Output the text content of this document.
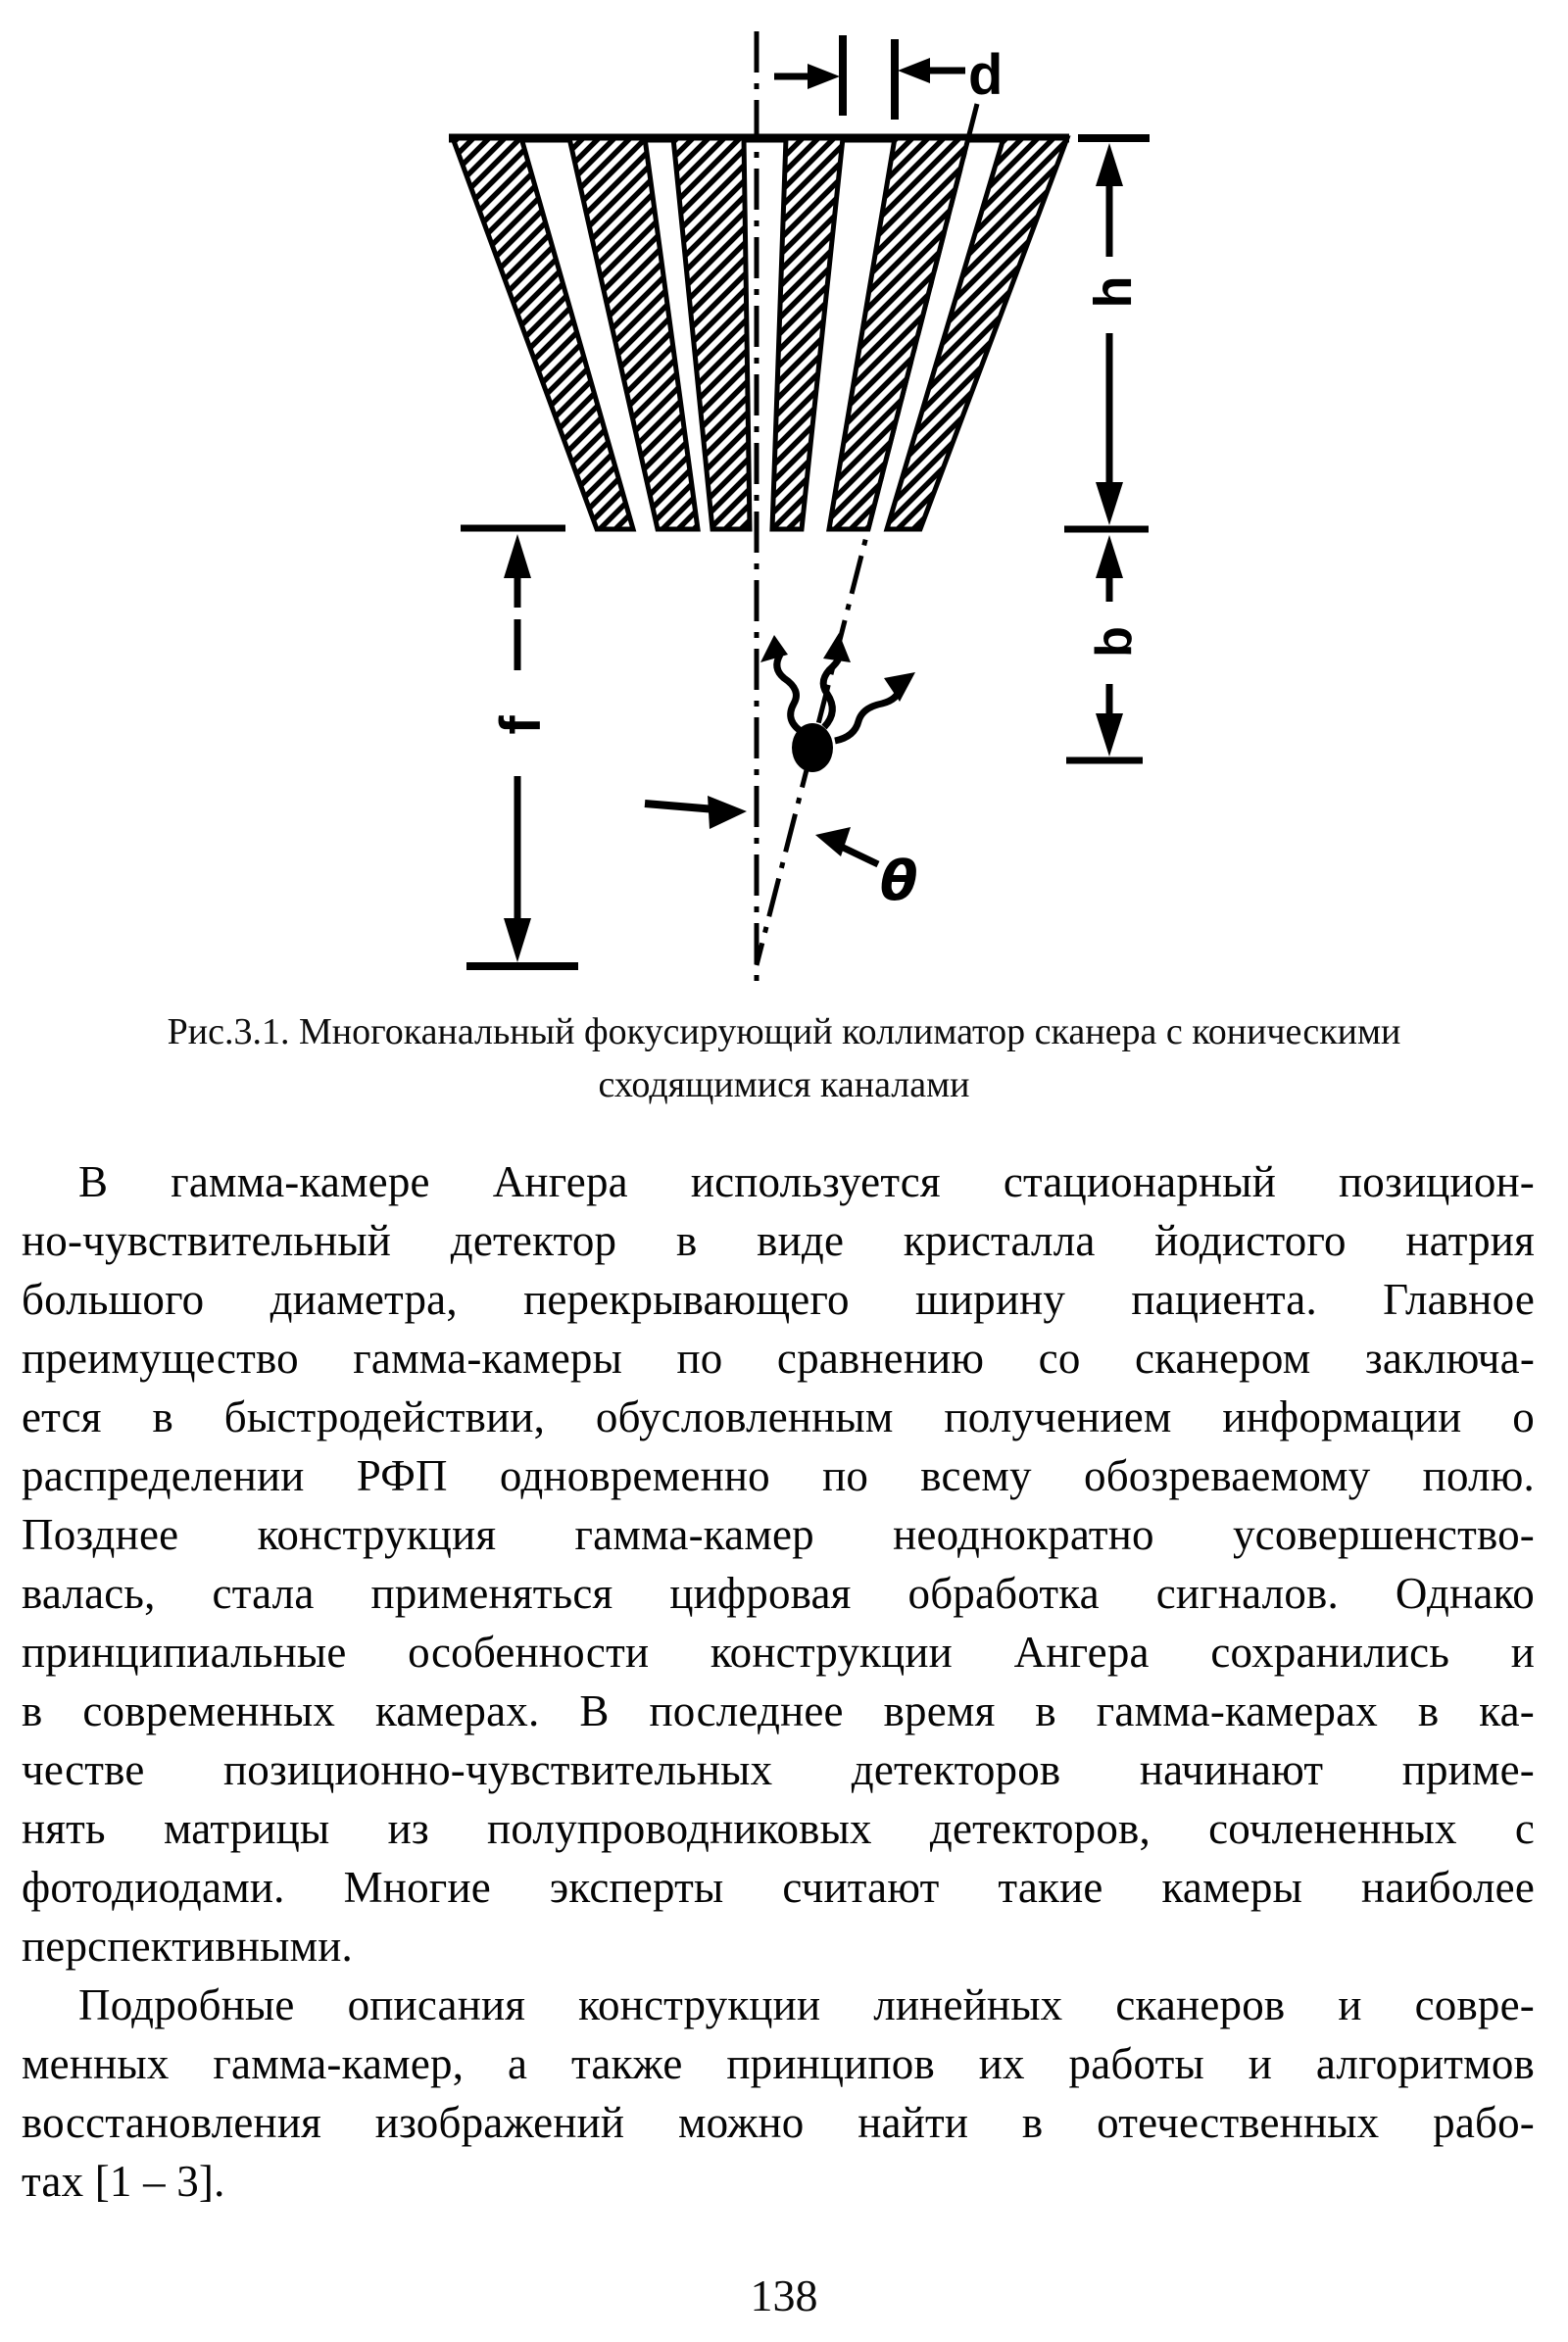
d
h
b
f
θ
Рис.3.1. Многоканальный фокусирующий коллиматор сканера с коническими
сходящимися каналами
В гамма-камере Ангера используется стационарный позицион-
но-чувствительный детектор в виде кристалла йодистого натрия
большого диаметра, перекрывающего ширину пациента. Главное
преимущество гамма-камеры по сравнению со сканером заключа-
ется в быстродействии, обусловленным получением информации о
распределении РФП одновременно по всему обозреваемому полю.
Позднее конструкция гамма-камер неоднократно усовершенство-
валась, стала применяться цифровая обработка сигналов. Однако
принципиальные особенности конструкции Ангера сохранились и
в современных камерах. В последнее время в гамма-камерах в ка-
честве позиционно-чувствительных детекторов начинают приме-
нять матрицы из полупроводниковых детекторов, сочлененных с
фотодиодами. Многие эксперты считают такие камеры наиболее
перспективными.
Подробные описания конструкции линейных сканеров и совре-
менных гамма-камер, а также принципов их работы и алгоритмов
восстановления изображений можно найти в отечественных рабо-
тах [1 – 3].
138
